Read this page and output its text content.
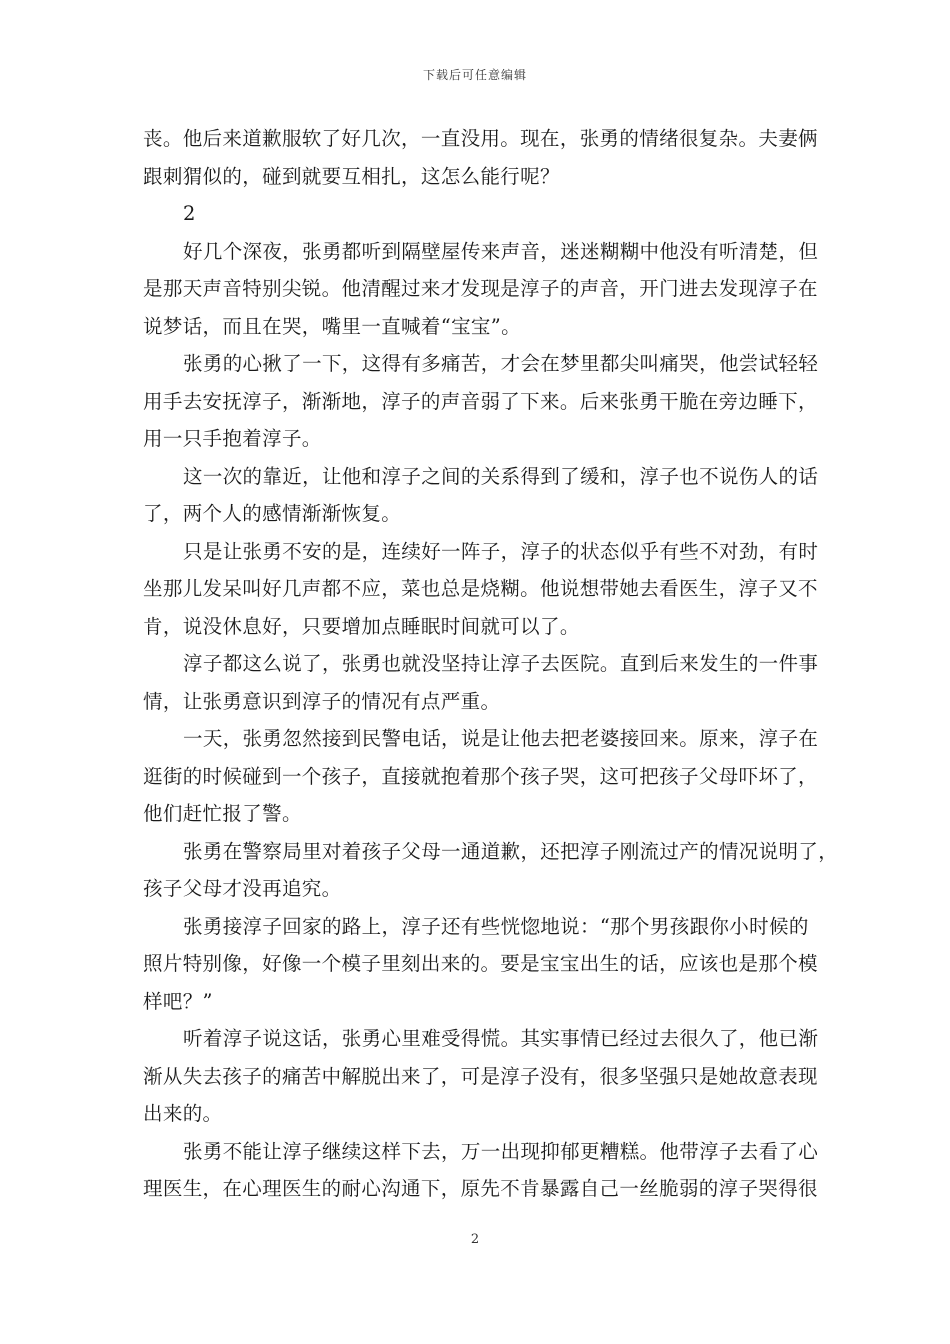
下载后可任意编辑
丧。他后来道歉服软了好几次，一直没用。现在，张勇的情绪很复杂。夫妻俩
跟刺猬似的，碰到就要互相扎，这怎么能行呢？
2
好几个深夜，张勇都听到隔壁屋传来声音，迷迷糊糊中他没有听清楚，但
是那天声音特别尖锐。他清醒过来才发现是淳子的声音，开门进去发现淳子在
说梦话，而且在哭，嘴里一直喊着“宝宝”。
张勇的心揪了一下，这得有多痛苦，才会在梦里都尖叫痛哭，他尝试轻轻
用手去安抚淳子，渐渐地，淳子的声音弱了下来。后来张勇干脆在旁边睡下，
用一只手抱着淳子。
这一次的靠近，让他和淳子之间的关系得到了缓和，淳子也不说伤人的话
了，两个人的感情渐渐恢复。
只是让张勇不安的是，连续好一阵子，淳子的状态似乎有些不对劲，有时
坐那儿发呆叫好几声都不应，菜也总是烧糊。他说想带她去看医生，淳子又不
肯，说没休息好，只要增加点睡眠时间就可以了。
淳子都这么说了，张勇也就没坚持让淳子去医院。直到后来发生的一件事
情，让张勇意识到淳子的情况有点严重。
一天，张勇忽然接到民警电话，说是让他去把老婆接回来。原来，淳子在
逛街的时候碰到一个孩子，直接就抱着那个孩子哭，这可把孩子父母吓坏了，
他们赶忙报了警。
张勇在警察局里对着孩子父母一通道歉，还把淳子刚流过产的情况说明了，
孩子父母才没再追究。
张勇接淳子回家的路上，淳子还有些恍惚地说：“那个男孩跟你小时候的
照片特别像，好像一个模子里刻出来的。要是宝宝出生的话，应该也是那个模
样吧？”
听着淳子说这话，张勇心里难受得慌。其实事情已经过去很久了，他已渐
渐从失去孩子的痛苦中解脱出来了，可是淳子没有，很多坚强只是她故意表现
出来的。
张勇不能让淳子继续这样下去，万一出现抑郁更糟糕。他带淳子去看了心
理医生，在心理医生的耐心沟通下，原先不肯暴露自己一丝脆弱的淳子哭得很
2
